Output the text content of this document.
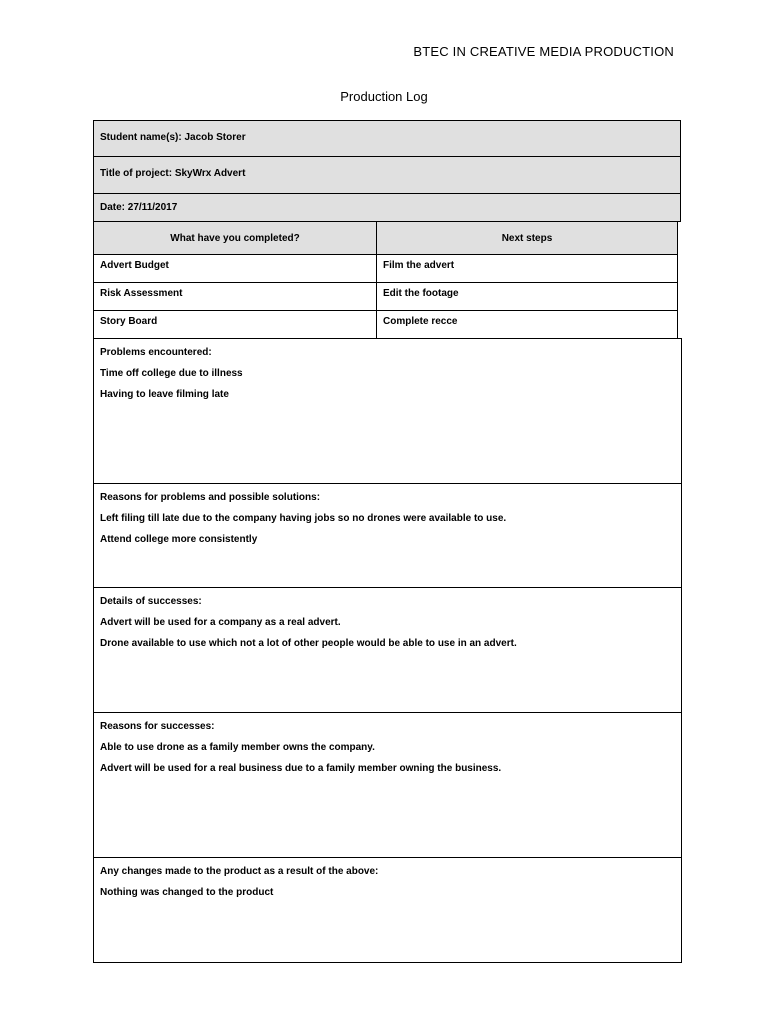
BTEC IN CREATIVE MEDIA PRODUCTION
Production Log
Student name(s): Jacob Storer
Title of project: SkyWrx Advert
Date: 27/11/2017
What have you completed?	Next steps
Advert Budget	Film the advert
Risk Assessment	Edit the footage
Story Board	Complete recce
Problems encountered:
Time off college due to illness
Having to leave filming late
Reasons for problems and possible solutions:
Left filing till late due to the company having jobs so no drones were available to use.
Attend college more consistently
Details of successes:
Advert will be used for a company as a real advert.
Drone available to use which not a lot of other people would be able to use in an advert.
Reasons for successes:
Able to use drone as a family member owns the company.
Advert will be used for a real business due to a family member owning the business.
Any changes made to the product as a result of the above:
Nothing was changed to the product
